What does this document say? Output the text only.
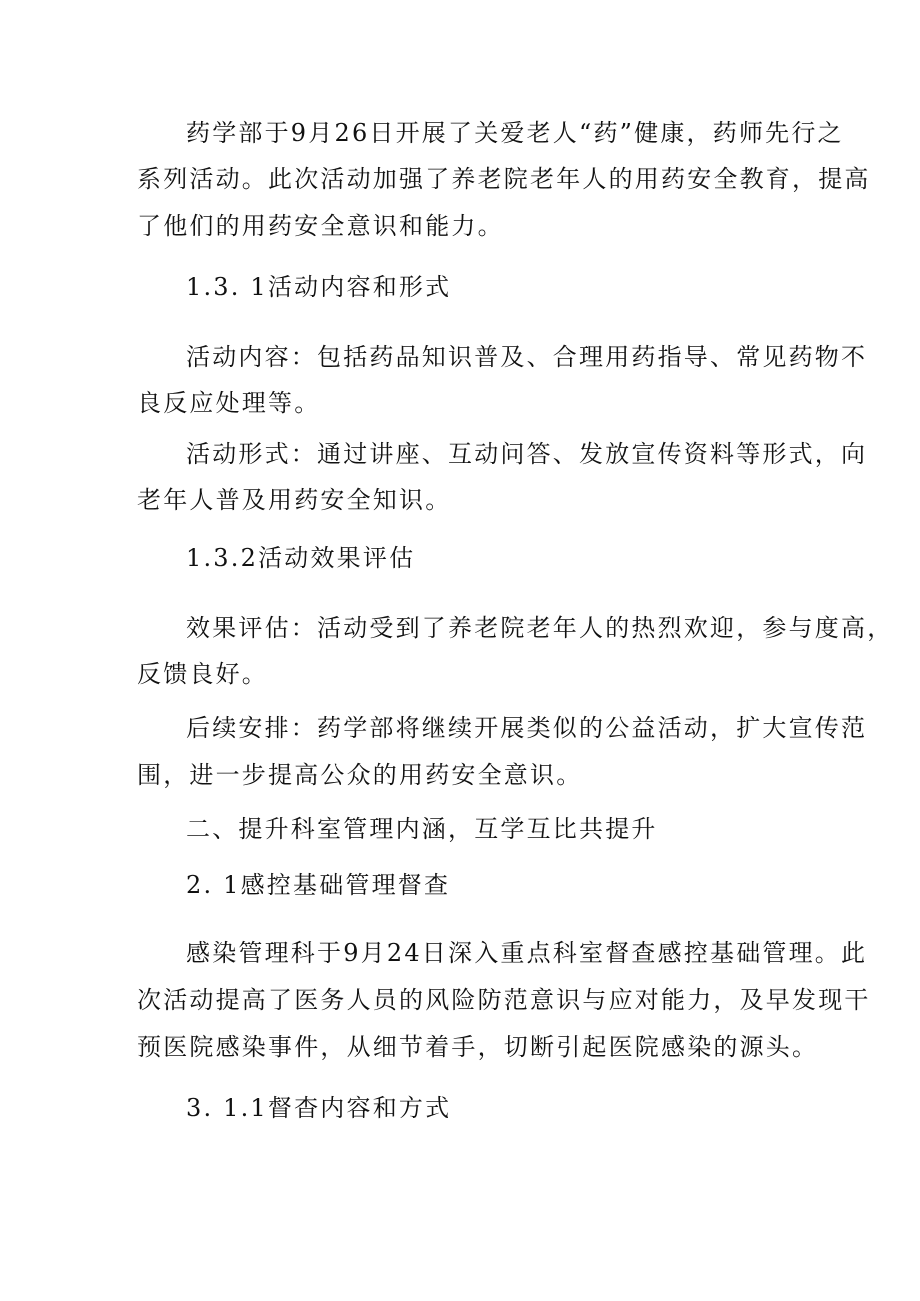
药学部于9月26日开展了关爱老人“药”健康，药师先行之
系列活动。此次活动加强了养老院老年人的用药安全教育，提高
了他们的用药安全意识和能力。
1.3. 1活动内容和形式
活动内容：包括药品知识普及、合理用药指导、常见药物不
良反应处理等。
活动形式：通过讲座、互动问答、发放宣传资料等形式，向
老年人普及用药安全知识。
1.3.2活动效果评估
效果评估：活动受到了养老院老年人的热烈欢迎，参与度高，
反馈良好。
后续安排：药学部将继续开展类似的公益活动，扩大宣传范
围，进一步提高公众的用药安全意识。
二、提升科室管理内涵，互学互比共提升
2. 1感控基础管理督查
感染管理科于9月24日深入重点科室督查感控基础管理。此
次活动提高了医务人员的风险防范意识与应对能力，及早发现干
预医院感染事件，从细节着手，切断引起医院感染的源头。
3. 1.1督杳内容和方式
